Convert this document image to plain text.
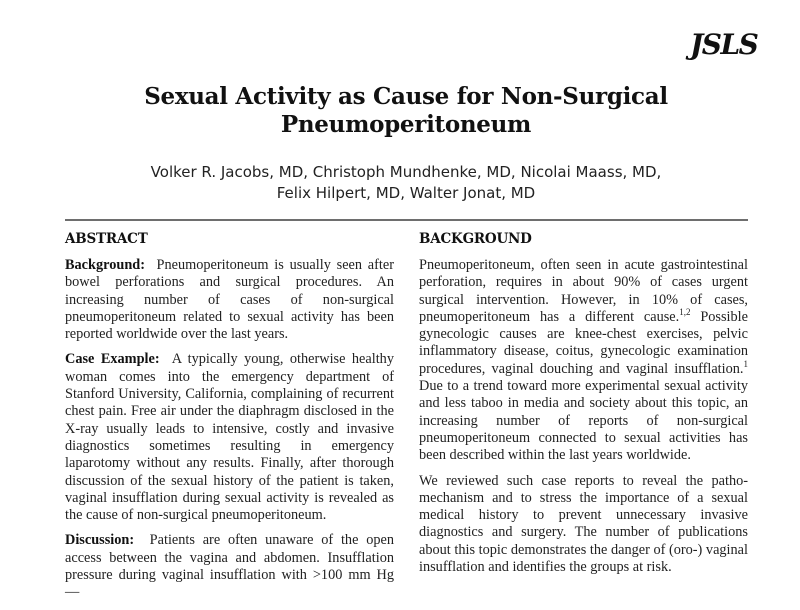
JSLS
Sexual Activity as Cause for Non-Surgical
Pneumoperitoneum
Volker R. Jacobs, MD, Christoph Mundhenke, MD, Nicolai Maass, MD,
Felix Hilpert, MD, Walter Jonat, MD
ABSTRACT

Background: Pneumoperitoneum is usually seen after bowel perforations and surgical procedures. An increasing number of cases of non-surgical pneumoperitoneum related to sexual activity has been reported worldwide over the last years.

Case Example: A typically young, otherwise healthy woman comes into the emergency department of Stanford University, California, complaining of recurrent chest pain. Free air under the diaphragm disclosed in the X-ray usually leads to intensive, costly and invasive diagnostics sometimes resulting in emergency laparotomy without any results. Finally, after thorough discussion of the sexual history of the patient is taken, vaginal insufflation during sexual activity is revealed as the cause of non-surgical pneumoperitoneum.

Discussion: Patients are often unaware of the open access between the vagina and abdomen. Insufflation pressure during vaginal insufflation with >100 mm Hg —

BACKGROUND

Pneumoperitoneum, often seen in acute gastrointestinal perforation, requires in about 90% of cases urgent surgical intervention. However, in 10% of cases, pneumoperitoneum has a different cause.$^{1,2}$ Possible gynecologic causes are knee-chest exercises, pelvic inflammatory disease, coitus, gynecologic examination procedures, vaginal douching and vaginal insufflation.$^1$ Due to a trend toward more experimental sexual activity and less taboo in media and society about this topic, an increasing number of reports of non-surgical pneumoperitoneum connected to sexual activities has been described within the last years worldwide.

We reviewed such case reports to reveal the patho-mechanism and to stress the importance of a sexual medical history to prevent unnecessary invasive diagnostics and surgery. The number of publications about this topic demonstrates the danger of (oro-) vaginal insufflation and identifies the groups at risk.
